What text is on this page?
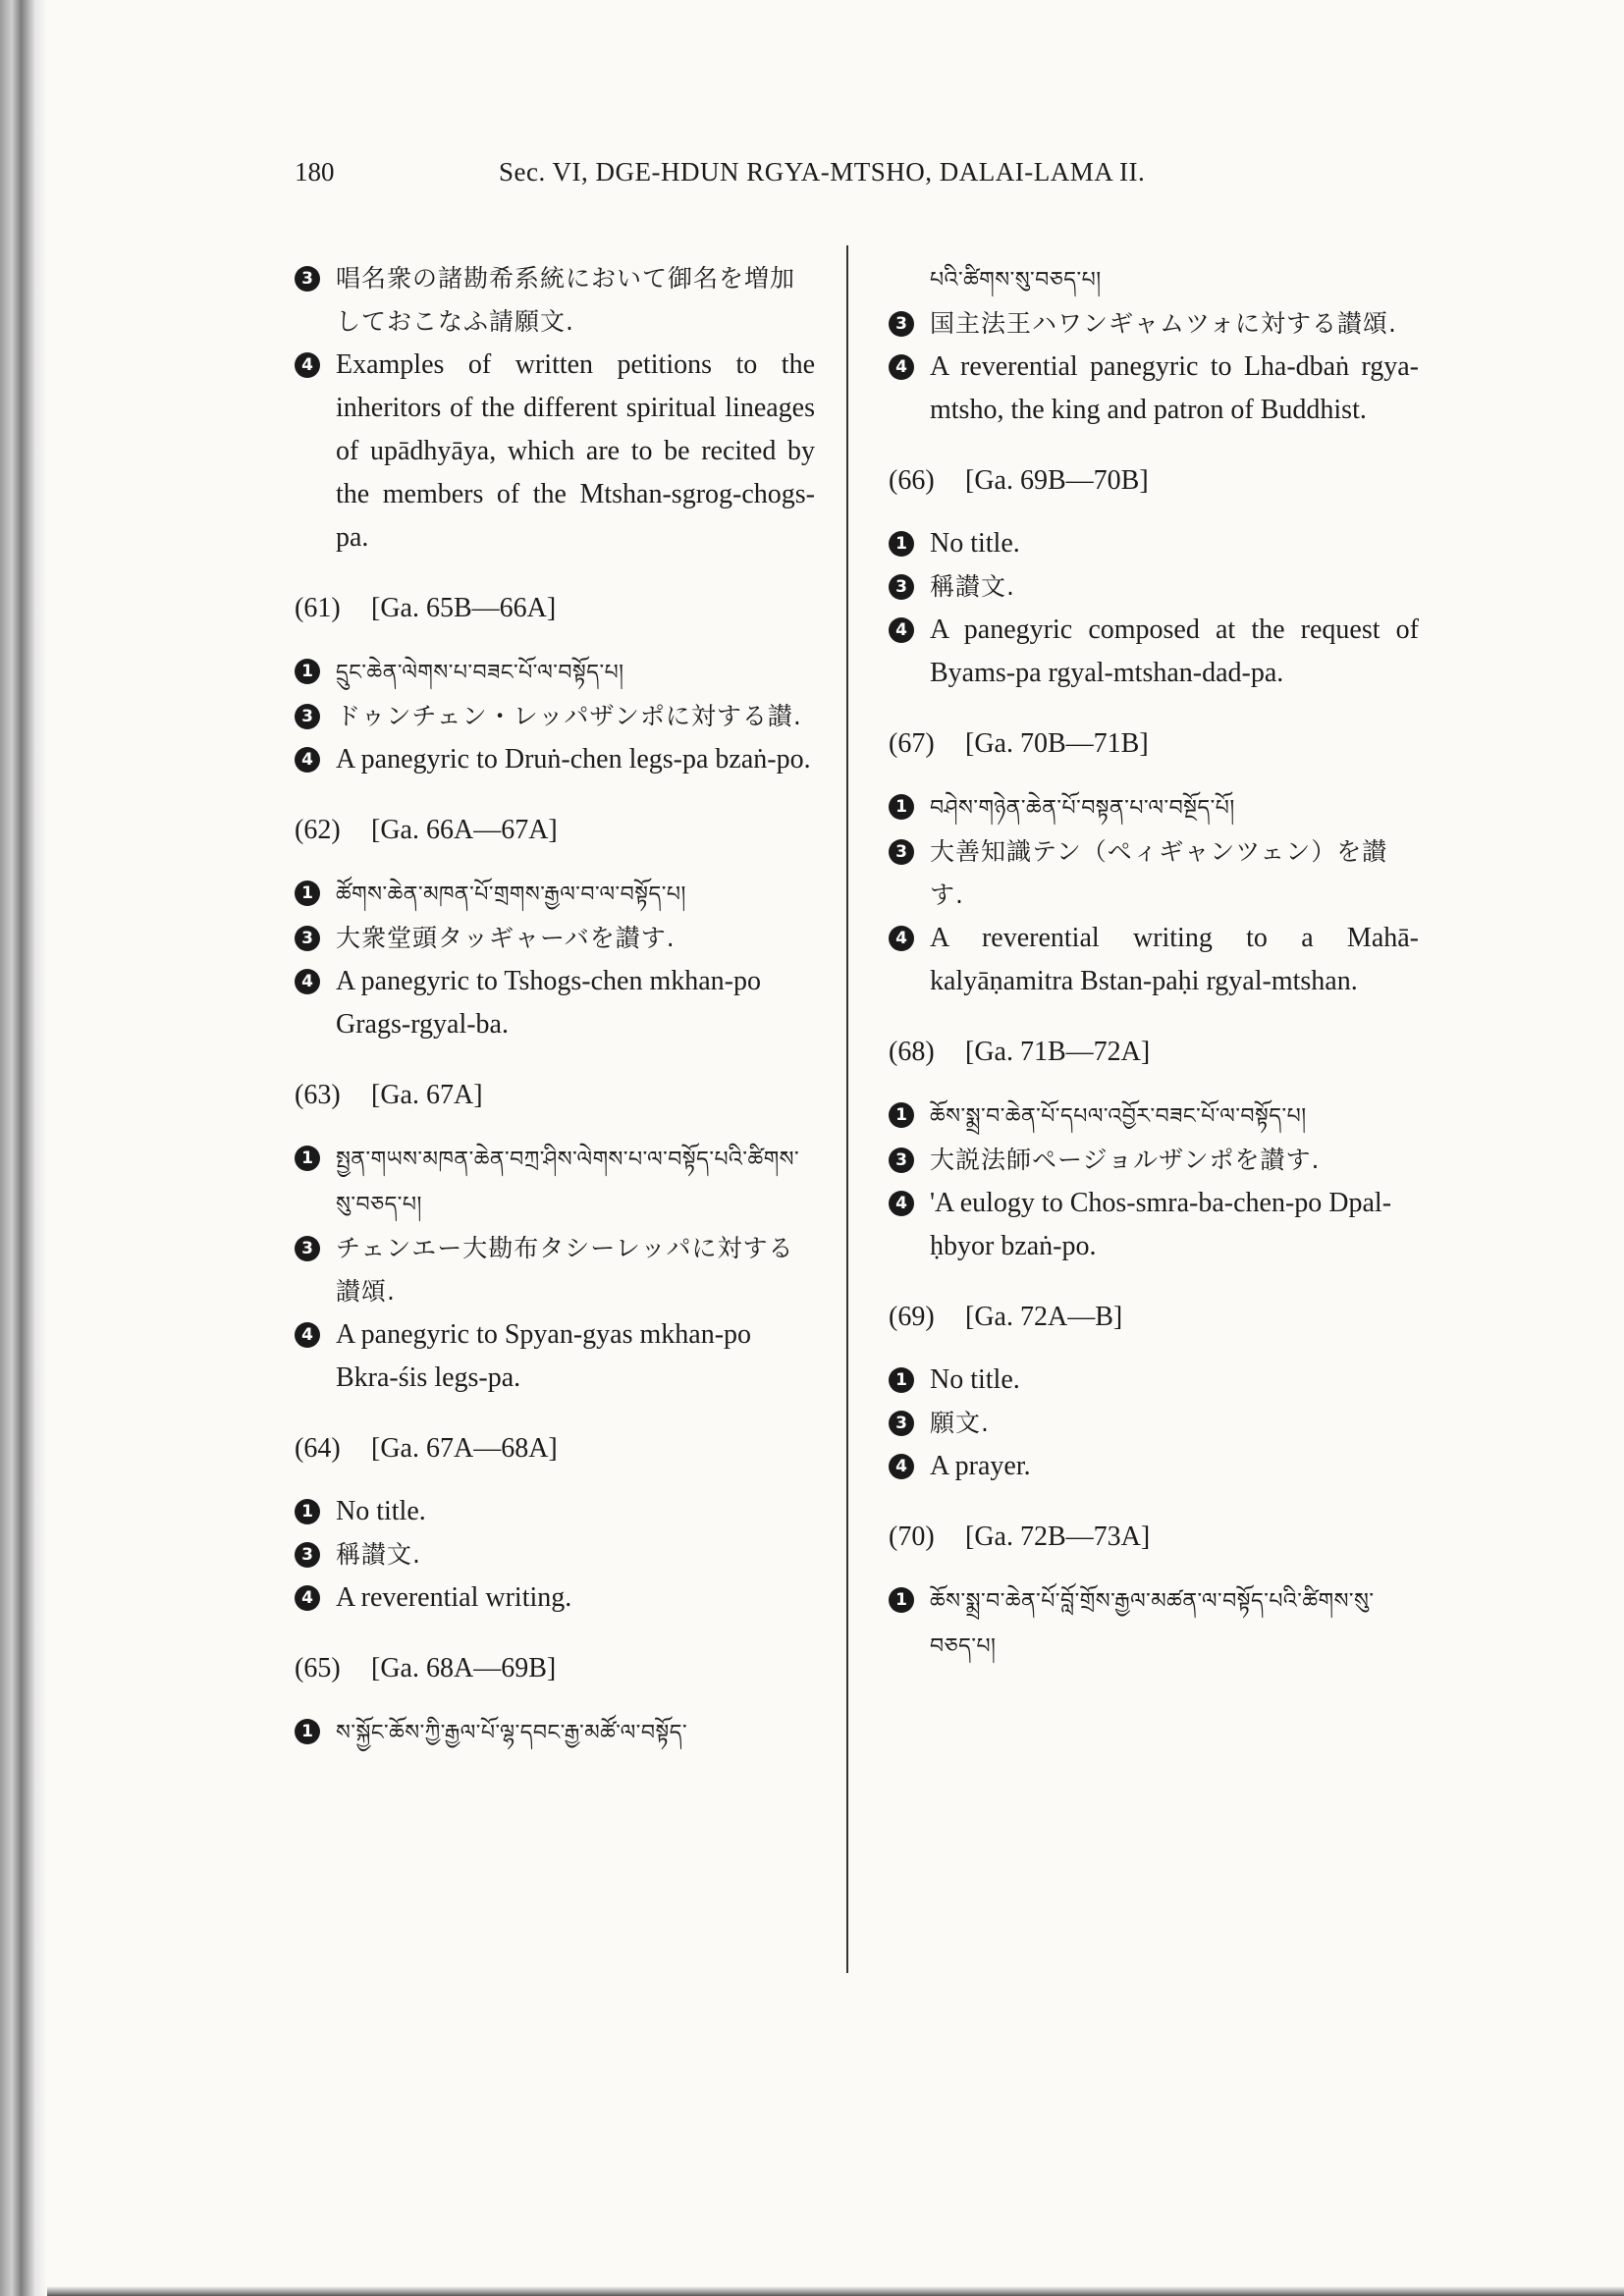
180	Sec. VI, DGE-HDUN RGYA-MTSHO, DALAI-LAMA II.
3 唱名衆の諸勘希系統において御名を増加しておこなふ請願文.
4 Examples of written petitions to the inheritors of the different spiritual lineages of upādhyāya, which are to be recited by the members of the Mtshan-sgrog-chogs-pa.
(61) [Ga. 65B—66A]
1	དྲུང་ཆེན་ལེགས་པ་བཟང་པོ་ལ་བསྟོད་པ།
3 ドゥンチェン・レッパザンポに対する讃.
4 A panegyric to Druṅ-chen legs-pa bzaṅ-po.
(62) [Ga. 66A—67A]
1	ཚོགས་ཆེན་མཁན་པོ་གྲགས་རྒྱལ་བ་ལ་བསྟོད་པ།
3 大衆堂頭タッギャーバを讃す.
4 A panegyric to Tshogs-chen mkhan-po Grags-rgyal-ba.
(63) [Ga. 67A]
1	སྤྱན་གཡས་མཁན་ཆེན་བཀྲ་ཤིས་ལེགས་པ་ལ་བསྟོད་པའི་ཚིགས་སུ་བཅད་པ།
3 チェンエー大勘布タシーレッパに対する讃頌.
4 A panegyric to Spyan-gyas mkhan-po Bkra-śis legs-pa.
(64) [Ga. 67A—68A]
1 No title.
3 稱讃文.
4 A reverential writing.
(65) [Ga. 68A—69B]
1	ས་སྐྱོང་ཆོས་ཀྱི་རྒྱལ་པོ་ལྷ་དབང་རྒྱ་མཚོ་ལ་བསྟོད་
པའི་ཚིགས་སུ་བཅད་པ།
3 国主法王ハワンギャムツォに対する讃頌.
4 A reverential panegyric to Lha-dbaṅ rgya-mtsho, the king and patron of Buddhist.
(66) [Ga. 69B—70B]
1 No title.
3 稱讃文.
4 A panegyric composed at the request of Byams-pa rgyal-mtshan-dad-pa.
(67) [Ga. 70B—71B]
1	བཤེས་གཉེན་ཆེན་པོ་བསྟན་པ་ལ་བསྔོད་པོ།
3 大善知識テン（ペィギャンツェン）を讃す.
4 A reverential writing to a Mahā-kalyāṇamitra Bstan-paḥi rgyal-mtshan.
(68) [Ga. 71B—72A]
1	ཆོས་སྨྲ་བ་ཆེན་པོ་དཔལ་འབྱོར་བཟང་པོ་ལ་བསྟོད་པ།
3 大説法師ページョルザンポを讃す.
4 'A eulogy to Chos-smra-ba-chen-po Dpal-ḥbyor bzaṅ-po.
(69) [Ga. 72A—B]
1 No title.
3 願文.
4 A prayer.
(70) [Ga. 72B—73A]
1	ཆོས་སྨྲ་བ་ཆེན་པོ་བློ་གྲོས་རྒྱལ་མཚན་ལ་བསྟོད་པའི་ཚིགས་སུ་བཅད་པ།
